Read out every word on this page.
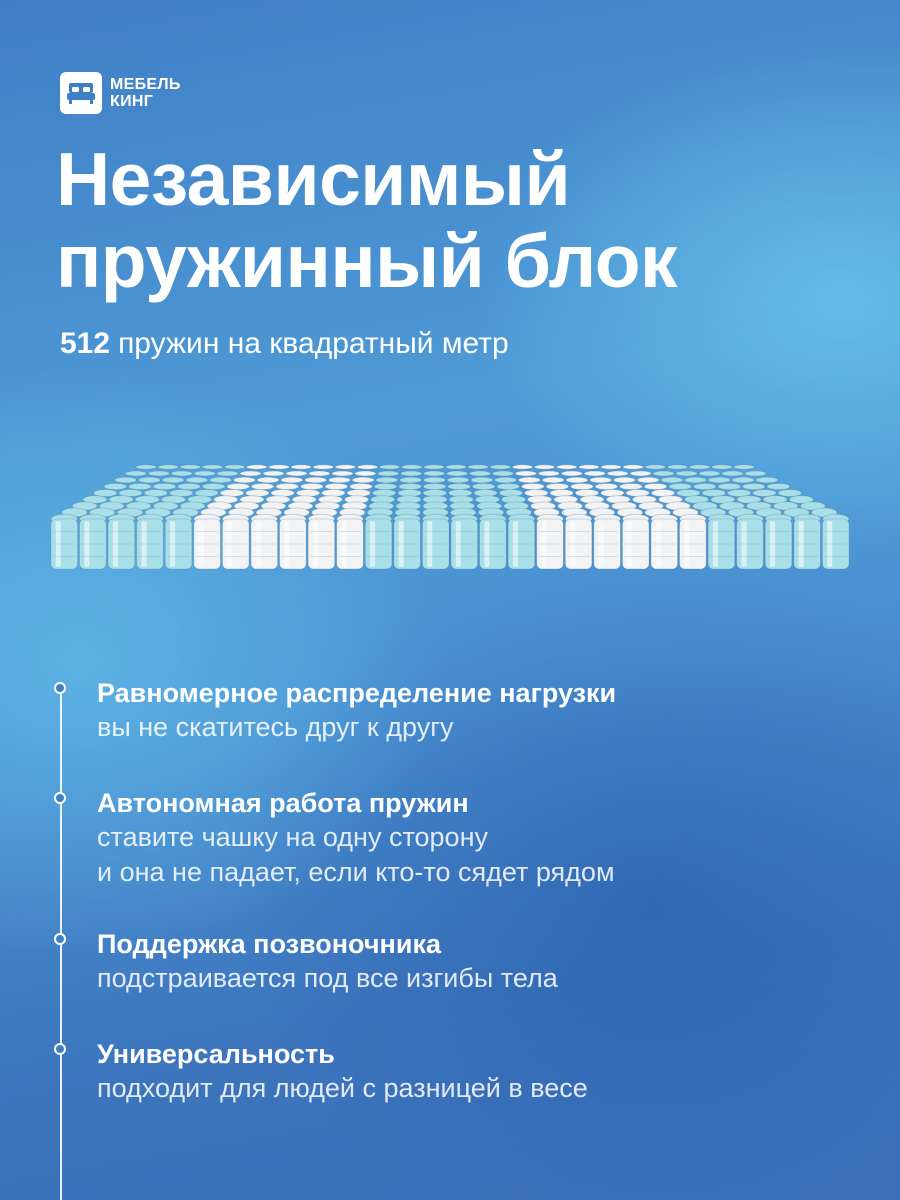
МЕБЕЛЬ
КИНГ
Независимый
пружинный блок
512 пружин на квадратный метр
Равномерное распределение нагрузки
вы не скатитесь друг к другу
Автономная работа пружин
ставите чашку на одну сторону
и она не падает, если кто-то сядет рядом
Поддержка позвоночника
подстраивается под все изгибы тела
Универсальность
подходит для людей с разницей в весе
